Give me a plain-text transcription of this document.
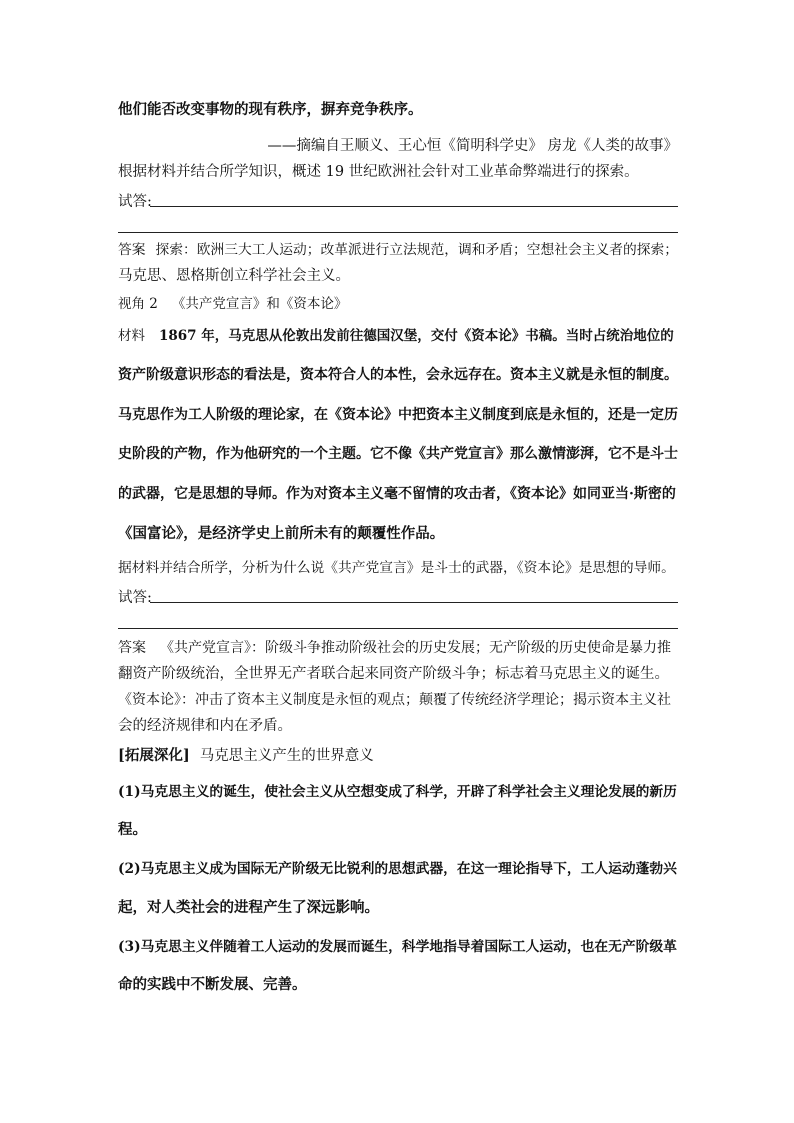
他们能否改变事物的现有秩序，摒弃竞争秩序。
——摘编自王顺义、王心恒《简明科学史》 房龙《人类的故事》
根据材料并结合所学知识，概述 19 世纪欧洲社会针对工业革命弊端进行的探索。
试答:
答案 探索：欧洲三大工人运动；改革派进行立法规范，调和矛盾；空想社会主义者的探索；
马克思、恩格斯创立科学社会主义。
视角 2 《共产党宣言》和《资本论》
材料 1867 年，马克思从伦敦出发前往德国汉堡，交付《资本论》书稿。当时占统治地位的
资产阶级意识形态的看法是，资本符合人的本性，会永远存在。资本主义就是永恒的制度。
马克思作为工人阶级的理论家，在《资本论》中把资本主义制度到底是永恒的，还是一定历
史阶段的产物，作为他研究的一个主题。它不像《共产党宣言》那么激情澎湃，它不是斗士
的武器，它是思想的导师。作为对资本主义毫不留情的攻击者，《资本论》如同亚当·斯密的
《国富论》，是经济学史上前所未有的颠覆性作品。
据材料并结合所学，分析为什么说《共产党宣言》是斗士的武器，《资本论》是思想的导师。
试答:
答案 《共产党宣言》：阶级斗争推动阶级社会的历史发展；无产阶级的历史使命是暴力推
翻资产阶级统治，全世界无产者联合起来同资产阶级斗争；标志着马克思主义的诞生。
《资本论》：冲击了资本主义制度是永恒的观点；颠覆了传统经济学理论；揭示资本主义社
会的经济规律和内在矛盾。
[拓展深化] 马克思主义产生的世界意义
(1)马克思主义的诞生，使社会主义从空想变成了科学，开辟了科学社会主义理论发展的新历
程。
(2)马克思主义成为国际无产阶级无比锐利的思想武器，在这一理论指导下，工人运动蓬勃兴
起，对人类社会的进程产生了深远影响。
(3)马克思主义伴随着工人运动的发展而诞生，科学地指导着国际工人运动，也在无产阶级革
命的实践中不断发展、完善。
